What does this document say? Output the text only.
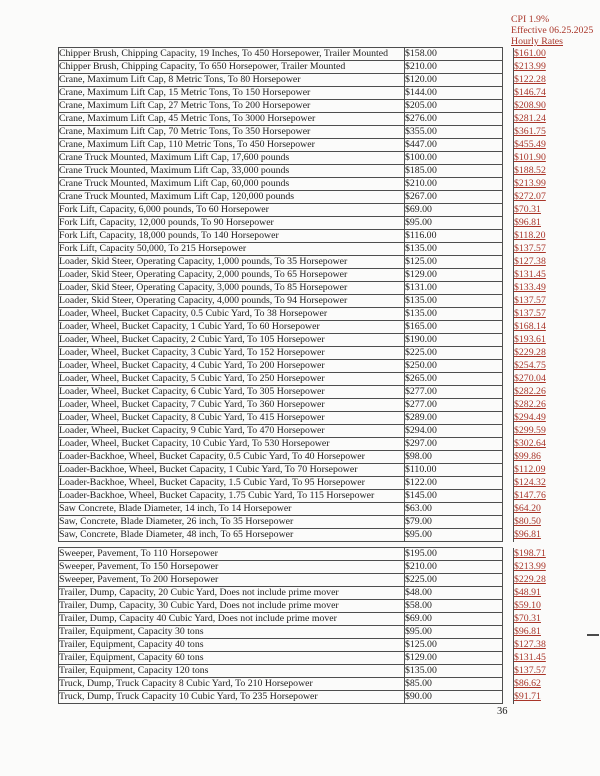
CPI 1.9%
Effective 06.25.2025
Hourly Rates
Chipper Brush, Chipping Capacity, 19 Inches, To 450 Horsepower, Trailer Mounted	$158.00		$161.00
Chipper Brush, Chipping Capacity, To 650 Horsepower, Trailer Mounted	$210.00		$213.99
Crane, Maximum Lift Cap, 8 Metric Tons, To 80 Horsepower	$120.00		$122.28
Crane, Maximum Lift Cap, 15 Metric Tons, To 150 Horsepower	$144.00		$146.74
Crane, Maximum Lift Cap, 27 Metric Tons, To 200 Horsepower	$205.00		$208.90
Crane, Maximum Lift Cap, 45 Metric Tons, To 3000 Horsepower	$276.00		$281.24
Crane, Maximum Lift Cap, 70 Metric Tons, To 350 Horsepower	$355.00		$361.75
Crane, Maximum Lift Cap, 110 Metric Tons, To 450 Horsepower	$447.00		$455.49
Crane Truck Mounted, Maximum Lift Cap, 17,600 pounds	$100.00		$101.90
Crane Truck Mounted, Maximum Lift Cap, 33,000 pounds	$185.00		$188.52
Crane Truck Mounted, Maximum Lift Cap, 60,000 pounds	$210.00		$213.99
Crane Truck Mounted, Maximum Lift Cap, 120,000 pounds	$267.00		$272.07
Fork Lift, Capacity, 6,000 pounds, To 60 Horsepower	$69.00		$70.31
Fork Lift, Capacity, 12,000 pounds, To 90 Horsepower	$95.00		$96.81
Fork Lift, Capacity, 18,000 pounds, To 140 Horsepower	$116.00		$118.20
Fork Lift, Capacity 50,000, To 215 Horsepower	$135.00		$137.57
Loader, Skid Steer, Operating Capacity, 1,000 pounds, To 35 Horsepower	$125.00		$127.38
Loader, Skid Steer, Operating Capacity, 2,000 pounds, To 65 Horsepower	$129.00		$131.45
Loader, Skid Steer, Operating Capacity, 3,000 pounds, To 85 Horsepower	$131.00		$133.49
Loader, Skid Steer, Operating Capacity, 4,000 pounds, To 94 Horsepower	$135.00		$137.57
Loader, Wheel, Bucket Capacity, 0.5 Cubic Yard, To 38 Horsepower	$135.00		$137.57
Loader, Wheel, Bucket Capacity, 1 Cubic Yard, To 60 Horsepower	$165.00		$168.14
Loader, Wheel, Bucket Capacity, 2 Cubic Yard, To 105 Horsepower	$190.00		$193.61
Loader, Wheel, Bucket Capacity, 3 Cubic Yard, To 152 Horsepower	$225.00		$229.28
Loader, Wheel, Bucket Capacity, 4 Cubic Yard, To 200 Horsepower	$250.00		$254.75
Loader, Wheel, Bucket Capacity, 5 Cubic Yard, To 250 Horsepower	$265.00		$270.04
Loader, Wheel, Bucket Capacity, 6 Cubic Yard, To 305 Horsepower	$277.00		$282.26
Loader, Wheel, Bucket Capacity, 7 Cubic Yard, To 360 Horsepower	$277.00		$282.26
Loader, Wheel, Bucket Capacity, 8 Cubic Yard, To 415 Horsepower	$289.00		$294.49
Loader, Wheel, Bucket Capacity, 9 Cubic Yard, To 470 Horsepower	$294.00		$299.59
Loader, Wheel, Bucket Capacity, 10 Cubic Yard, To 530 Horsepower	$297.00		$302.64
Loader-Backhoe, Wheel, Bucket Capacity, 0.5 Cubic Yard, To 40 Horsepower	$98.00		$99.86
Loader-Backhoe, Wheel, Bucket Capacity, 1 Cubic Yard, To 70 Horsepower	$110.00		$112.09
Loader-Backhoe, Wheel, Bucket Capacity, 1.5 Cubic Yard, To 95 Horsepower	$122.00		$124.32
Loader-Backhoe, Wheel, Bucket Capacity, 1.75 Cubic Yard, To 115 Horsepower	$145.00		$147.76
Saw Concrete, Blade Diameter, 14 inch, To 14 Horsepower	$63.00		$64.20
Saw, Concrete, Blade Diameter, 26 inch, To 35 Horsepower	$79.00		$80.50
Saw, Concrete, Blade Diameter, 48 inch, To 65 Horsepower	$95.00		$96.81
Sweeper, Pavement, To 110 Horsepower	$195.00		$198.71
Sweeper, Pavement, To 150 Horsepower	$210.00		$213.99
Sweeper, Pavement, To 200 Horsepower	$225.00		$229.28
Trailer, Dump, Capacity, 20 Cubic Yard, Does not include prime mover	$48.00		$48.91
Trailer, Dump, Capacity, 30 Cubic Yard, Does not include prime mover	$58.00		$59.10
Trailer, Dump, Capacity 40 Cubic Yard, Does not include prime mover	$69.00		$70.31
Trailer, Equipment, Capacity 30 tons	$95.00		$96.81
Trailer, Equipment, Capacity 40 tons	$125.00		$127.38
Trailer, Equipment, Capacity 60 tons	$129.00		$131.45
Trailer, Equipment, Capacity 120 tons	$135.00		$137.57
Truck, Dump, Truck Capacity 8 Cubic Yard, To 210 Horsepower	$85.00		$86.62
Truck, Dump, Truck Capacity 10 Cubic Yard, To 235 Horsepower	$90.00		$91.71
36
